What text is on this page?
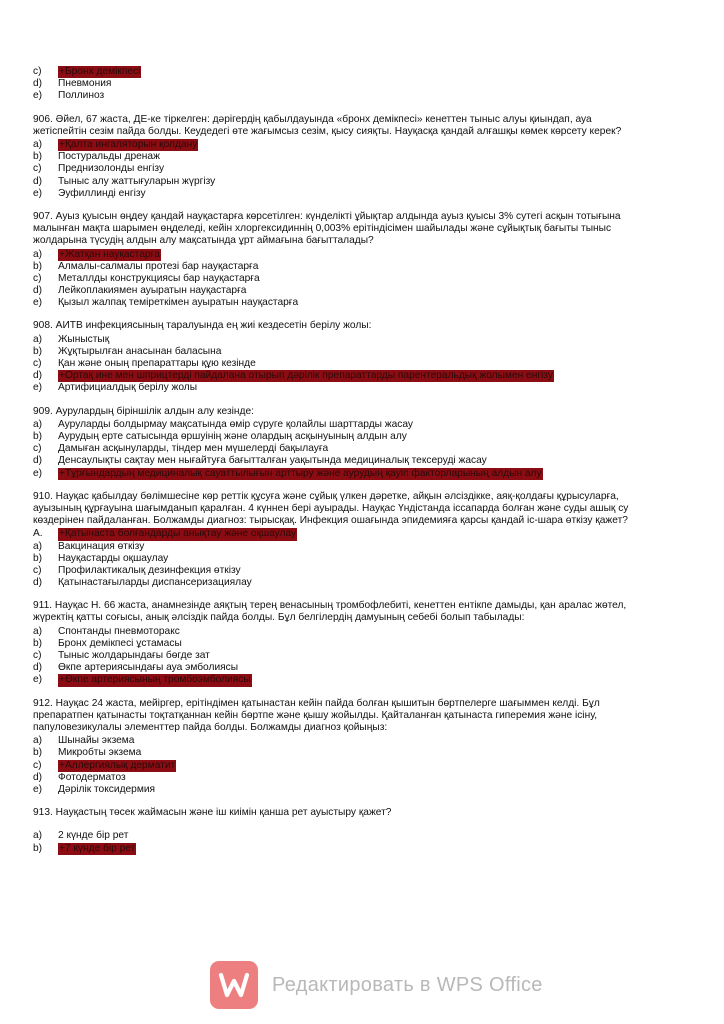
c)	+Бронх демікпесі
d)	Пневмония
e)	Поллиноз
906. Әйел, 67 жаста, ДЕ-ке тіркелген: дәрігердің қабылдауында «бронх демікпесі» кенеттен тыныс алуы қиындап, ауа
жетіспейтін сезім пайда болды. Кеудедегі өте жағымсыз сезім, қысу сияқты. Науқасқа қандай алғашқы көмек көрсету керек?
a)	+Қалта ингаляторын қолдану
b)	Постуральды дренаж
c)	Преднизолонды енгізу
d)	Тыныс алу жаттығуларын жүргізу
e)	Эуфиллинді енгізу
907. Ауыз қуысын өңдеу қандай науқастарға көрсетілген: күнделікті ұйықтар алдында ауыз қуысы 3% сутегі асқын тотығына
малынған мақта шарымен өңделеді, кейін хлоргексидиннің 0,003% ерітіндісімен шайылады және сұйықтық бағыты тыныс
жолдарына түсудің алдын алу мақсатында ұрт аймағына бағытталады?
a)	+Жатқан науқастарға
b)	Алмалы-салмалы протезі бар науқастарға
c)	Металлды конструкциясы бар науқастарға
d)	Лейкоплакиямен ауыратын науқастарға
e)	Қызыл жалпақ теміреткімен ауыратын науқастарға
908. АИТВ инфекциясының таралуында ең жиі кездесетін берілу жолы:
a)	Жыныстық
b)	Жұқтырылған анасынан баласына
c)	Қан және оның препараттары құю кезінде
d)	+Ортақ ине мен шприцтерді пайдалана отырып дәрілік препараттарды парентеральдық жолымен енгізу
e)	Артифициалдық берілу жолы
909. Аурулардың біріншілік алдын алу кезінде:
a)	Ауруларды болдырмау мақсатында өмір сүруге қолайлы шарттарды жасау
b)	Аурудың ерте сатысында өршуінің және олардың асқынуының алдын алу
c)	Дамыған асқынуларды, тіндер мен мүшелерді бақылауға
d)	Денсаулықты сақтау мен нығайтуға бағытталған уақытында медициналық тексеруді жасау
e)	+Тұрғындардың медициналық сауаттылығын арттыру және аурудың қауіп факторларының алдын алу
910. Науқас қабылдау бөлімшесіне көр реттік құсуға және сұйық үлкен дәретке, айқын әлсіздікке, аяқ-қолдағы құрысуларға,
ауызының құрғауына шағымданып қаралған. 4 күннен бері ауырады. Науқас Үндістанда іссапарда болған және суды ашық су
көздерінен пайдаланған. Болжамды диагноз: тырысқақ. Инфекция ошағында эпидемияға қарсы қандай іс-шара өткізу қажет?
A.	+Қатынаста болғандарды анықтау және оқшаулау
a)	Вакцинация өткізу
b)	Науқастарды оқшаулау
c)	Профилактикалық дезинфекция өткізу
d)	Қатынастағыларды диспансеризациялау
911. Науқас Н. 66 жаста, анамнезінде аяқтың терең венасының тромбофлебиті, кенеттен ентікпе дамыды, қан аралас жөтел,
жүректің қатты соғысы, анық әлсіздік пайда болды. Бұл белгілердің дамуының себебі болып табылады:
a)	Спонтанды пневмоторакс
b)	Бронх демікпесі ұстамасы
c)	Тыныс жолдарындағы бөгде зат
d)	Өкпе артериясындағы ауа эмболиясы
e)	+Өкпе артериясының тромбоэмболиясы
912. Науқас 24 жаста, мейіргер, ерітіндімен қатынастан кейін пайда болған қышитын бөртпелерге шағыммен келді. Бұл
препаратпен қатынасты тоқтатқаннан кейін бөртпе және қышу жойылды. Қайталанған қатынаста гиперемия және ісіну,
папуловезикулалы элементтер пайда болды. Болжамды диагноз қойыңыз:
a)	Шынайы экзема
b)	Микробты экзема
c)	+Аллергиялық дерматит
d)	Фотодерматоз
e)	Дәрілік токсидермия
913. Науқастың төсек жаймасын және іш киімін қанша рет ауыстыру қажет?
a)	2 күнде бір рет
b)	+7 күнде бір рет
Редактировать в WPS Office
